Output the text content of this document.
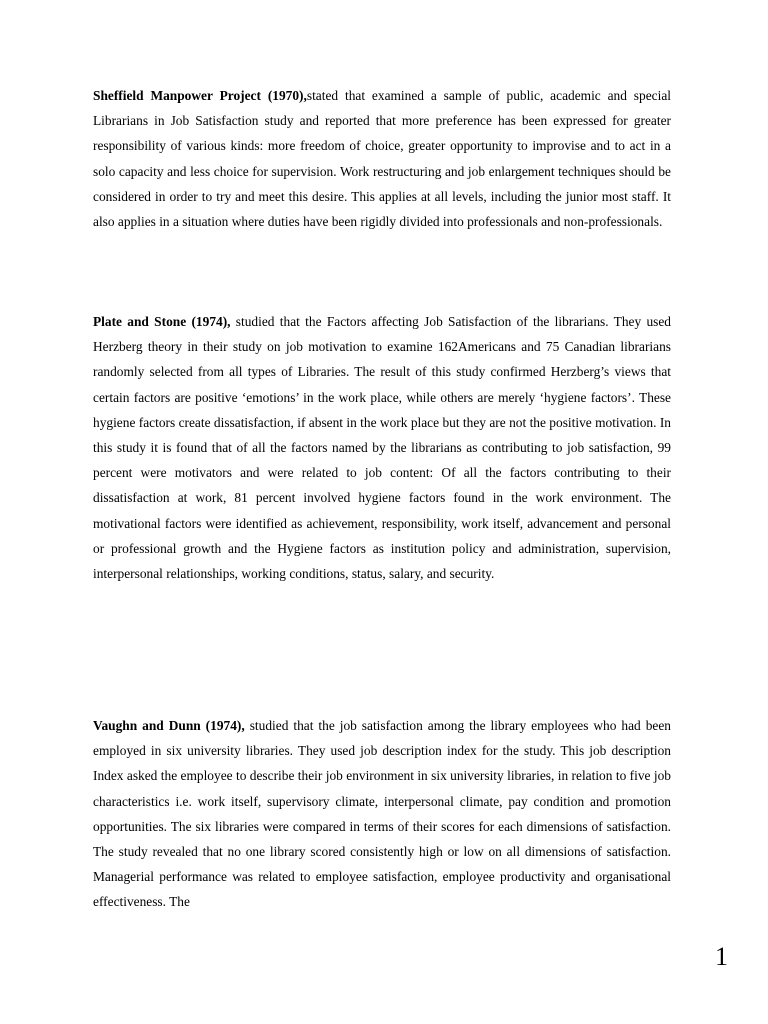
Sheffield Manpower Project (1970),stated that examined a sample of public, academic and special Librarians in Job Satisfaction study and reported that more preference has been expressed for greater responsibility of various kinds: more freedom of choice, greater opportunity to improvise and to act in a solo capacity and less choice for supervision. Work restructuring and job enlargement techniques should be considered in order to try and meet this desire. This applies at all levels, including the junior most staff. It also applies in a situation where duties have been rigidly divided into professionals and non-professionals.

Plate and Stone (1974), studied that the Factors affecting Job Satisfaction of the librarians. They used Herzberg theory in their study on job motivation to examine 162Americans and 75 Canadian librarians randomly selected from all types of Libraries. The result of this study confirmed Herzberg’s views that certain factors are positive ‘emotions’ in the work place, while others are merely ‘hygiene factors’. These hygiene factors create dissatisfaction, if absent in the work place but they are not the positive motivation. In this study it is found that of all the factors named by the librarians as contributing to job satisfaction, 99 percent were motivators and were related to job content: Of all the factors contributing to their dissatisfaction at work, 81 percent involved hygiene factors found in the work environment. The motivational factors were identified as achievement, responsibility, work itself, advancement and personal or professional growth and the Hygiene factors as institution policy and administration, supervision, interpersonal relationships, working conditions, status, salary, and security.

Vaughn and Dunn (1974), studied that the job satisfaction among the library employees who had been employed in six university libraries. They used job description index for the study. This job description Index asked the employee to describe their job environment in six university libraries, in relation to five job characteristics i.e. work itself, supervisory climate, interpersonal climate, pay condition and promotion opportunities. The six libraries were compared in terms of their scores for each dimensions of satisfaction. The study revealed that no one library scored consistently high or low on all dimensions of satisfaction. Managerial performance was related to employee satisfaction, employee productivity and organisational effectiveness. The

1
